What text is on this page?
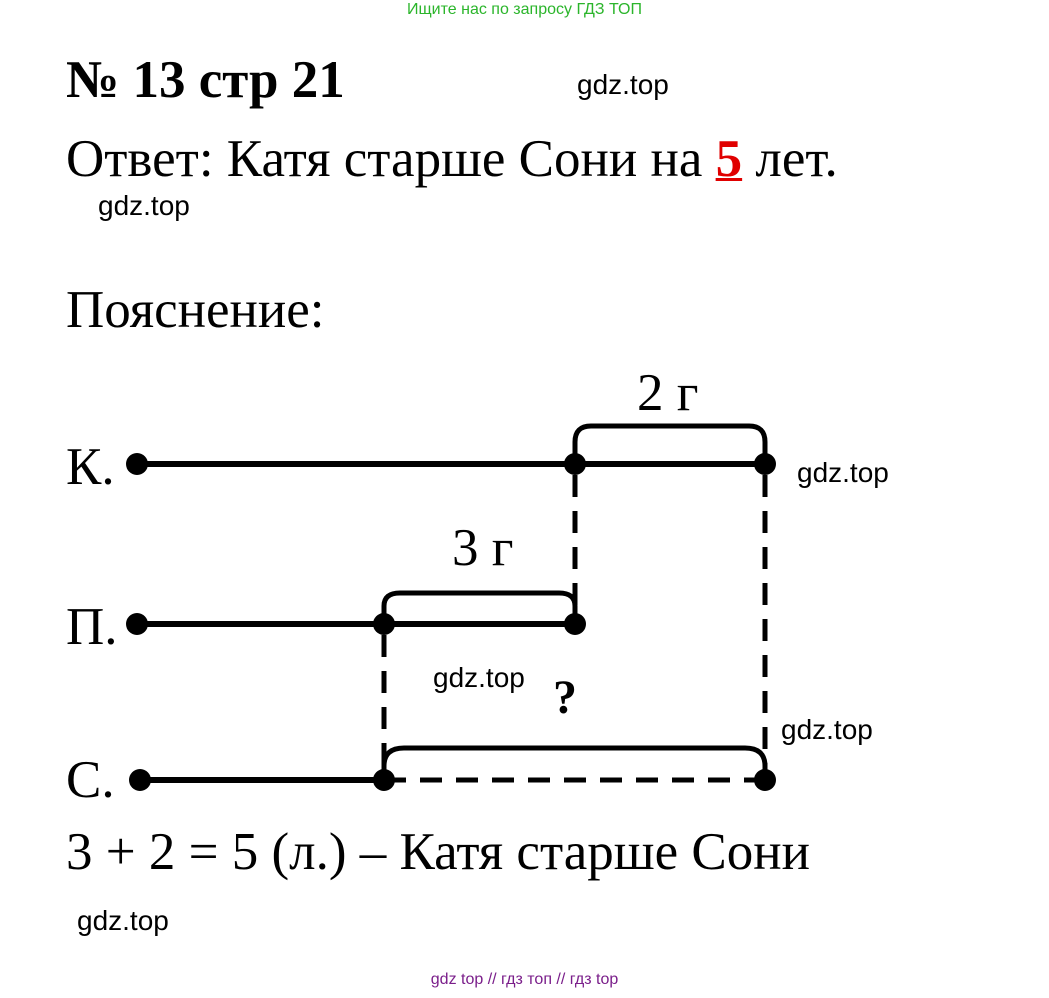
Ищите нас по запросу ГДЗ ТОП
№ 13 стр 21	gdz.top
Ответ: Катя старше Сони на 5 лет.
gdz.top
Пояснение:
К.
П.
С.
2 г
3 г
?
gdz.top
gdz.top
gdz.top
3 + 2 = 5 (л.) – Катя старше Сони
gdz.top
gdz top // гдз топ // гдз top
